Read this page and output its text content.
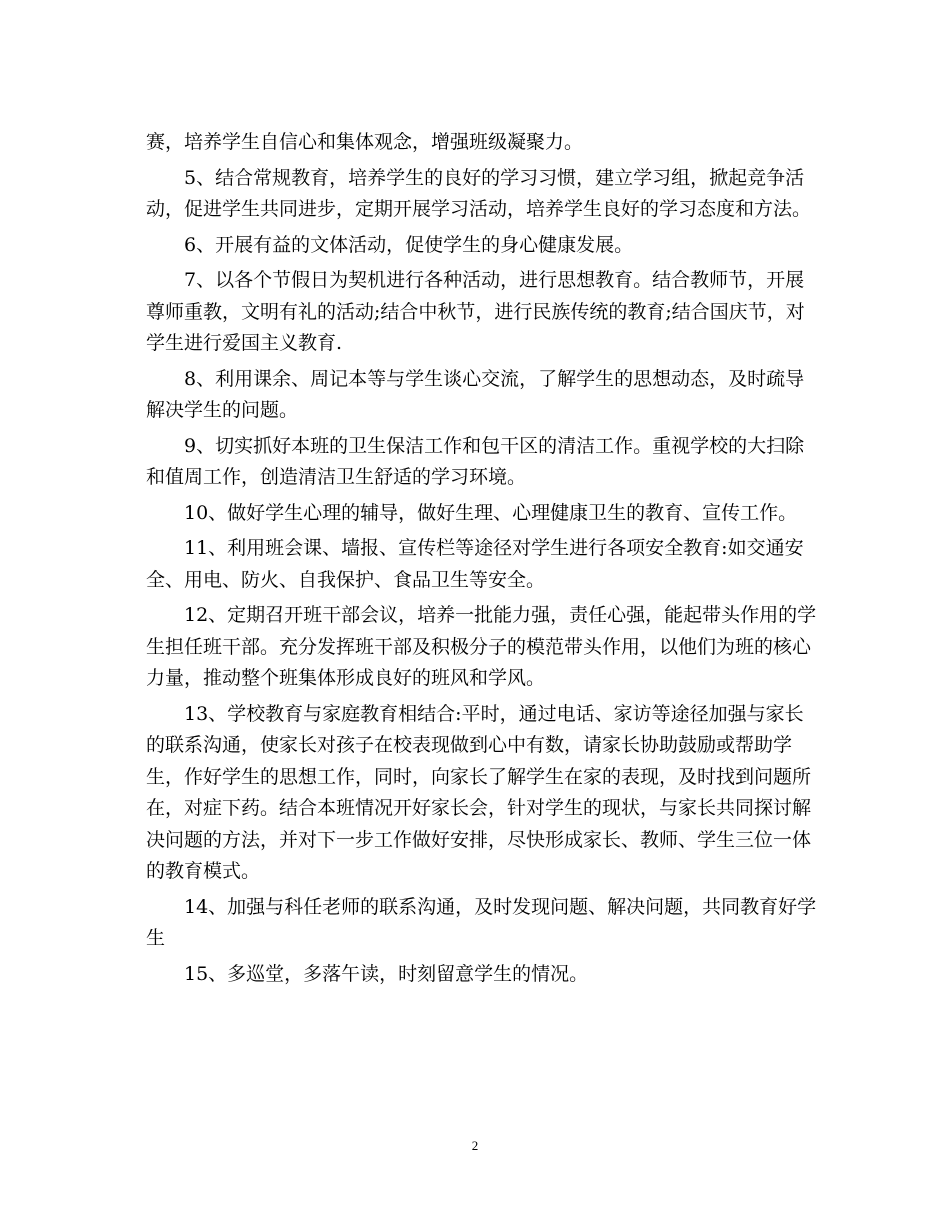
赛，培养学生自信心和集体观念，增强班级凝聚力。

　　5、结合常规教育，培养学生的良好的学习习惯，建立学习组，掀起竞争活
动，促进学生共同进步，定期开展学习活动，培养学生良好的学习态度和方法。

　　6、开展有益的文体活动，促使学生的身心健康发展。

　　7、以各个节假日为契机进行各种活动，进行思想教育。结合教师节，开展
尊师重教，文明有礼的活动;结合中秋节，进行民族传统的教育;结合国庆节，对
学生进行爱国主义教育.

　　8、利用课余、周记本等与学生谈心交流，了解学生的思想动态，及时疏导
解决学生的问题。

　　9、切实抓好本班的卫生保洁工作和包干区的清洁工作。重视学校的大扫除
和值周工作，创造清洁卫生舒适的学习环境。

　　10、做好学生心理的辅导，做好生理、心理健康卫生的教育、宣传工作。

　　11、利用班会课、墙报、宣传栏等途径对学生进行各项安全教育:如交通安
全、用电、防火、自我保护、食品卫生等安全。

　　12、定期召开班干部会议，培养一批能力强，责任心强，能起带头作用的学
生担任班干部。充分发挥班干部及积极分子的模范带头作用，以他们为班的核心
力量，推动整个班集体形成良好的班风和学风。

　　13、学校教育与家庭教育相结合:平时，通过电话、家访等途径加强与家长
的联系沟通，使家长对孩子在校表现做到心中有数，请家长协助鼓励或帮助学
生，作好学生的思想工作，同时，向家长了解学生在家的表现，及时找到问题所
在，对症下药。结合本班情况开好家长会，针对学生的现状，与家长共同探讨解
决问题的方法，并对下一步工作做好安排，尽快形成家长、教师、学生三位一体
的教育模式。

　　14、加强与科任老师的联系沟通，及时发现问题、解决问题，共同教育好学
生

　　15、多巡堂，多落午读，时刻留意学生的情况。

2
